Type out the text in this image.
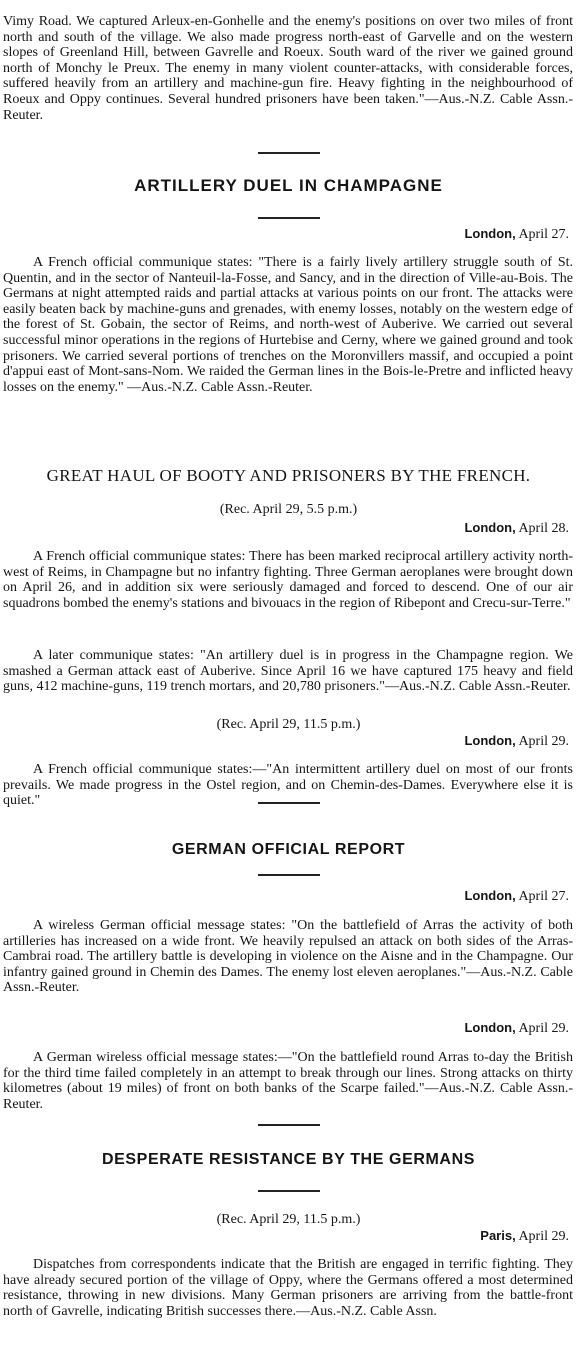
Vimy Road. We captured Arleux-en-Gonhelle and the enemy's positions on over two miles of front north and south of the village. We also made progress north-east of Garvelle and on the western slopes of Greenland Hill, between Gavrelle and Roeux. South ward of the river we gained ground north of Monchy le Preux. The enemy in many violent counter-attacks, with considerable forces, suffered heavily from an artillery and machine-gun fire. Heavy fighting in the neighbourhood of Roeux and Oppy continues. Several hundred prisoners have been taken."—Aus.-N.Z. Cable Assn.-Reuter.

ARTILLERY DUEL IN CHAMPAGNE
London, April 27.

A French official communique states: "There is a fairly lively artillery struggle south of St. Quentin, and in the sector of Nanteuil-la-Fosse, and Sancy, and in the direction of Ville-au-Bois. The Germans at night attempted raids and partial attacks at various points on our front. The attacks were easily beaten back by machine-guns and grenades, with enemy losses, notably on the western edge of the forest of St. Gobain, the sector of Reims, and north-west of Auberive. We carried out several successful minor operations in the regions of Hurtebise and Cerny, where we gained ground and took prisoners. We carried several portions of trenches on the Moronvillers massif, and occupied a point d'appui east of Mont-sans-Nom. We raided the German lines in the Bois-le-Pretre and inflicted heavy losses on the enemy." —Aus.-N.Z. Cable Assn.-Reuter.

GREAT HAUL OF BOOTY AND PRISONERS BY THE FRENCH.
(Rec. April 29, 5.5 p.m.)
London, April 28.

A French official communique states: There has been marked reciprocal artillery activity north-west of Reims, in Champagne but no infantry fighting. Three German aeroplanes were brought down on April 26, and in addition six were seriously damaged and forced to descend. One of our air squadrons bombed the enemy's stations and bivouacs in the region of Ribepont and Crecu-sur-Terre."

A later communique states: "An artillery duel is in progress in the Champagne region. We smashed a German attack east of Auberive. Since April 16 we have captured 175 heavy and field guns, 412 machine-guns, 119 trench mortars, and 20,780 prisoners."—Aus.-N.Z. Cable Assn.-Reuter.

(Rec. April 29, 11.5 p.m.)
London, April 29.

A French official communique states:—"An intermittent artillery duel on most of our fronts prevails. We made progress in the Ostel region, and on Chemin-des-Dames. Everywhere else it is quiet."

GERMAN OFFICIAL REPORT
London, April 27.

A wireless German official message states: "On the battlefield of Arras the activity of both artilleries has increased on a wide front. We heavily repulsed an attack on both sides of the Arras-Cambrai road. The artillery battle is developing in violence on the Aisne and in the Champagne. Our infantry gained ground in Chemin des Dames. The enemy lost eleven aeroplanes."—Aus.-N.Z. Cable Assn.-Reuter.

London, April 29.

A German wireless official message states:—"On the battlefield round Arras to-day the British for the third time failed completely in an attempt to break through our lines. Strong attacks on thirty kilometres (about 19 miles) of front on both banks of the Scarpe failed."—Aus.-N.Z. Cable Assn.-Reuter.

DESPERATE RESISTANCE BY THE GERMANS
(Rec. April 29, 11.5 p.m.)
Paris, April 29.

Dispatches from correspondents indicate that the British are engaged in terrific fighting. They have already secured portion of the village of Oppy, where the Germans offered a most determined resistance, throwing in new divisions. Many German prisoners are arriving from the battle-front north of Gavrelle, indicating British successes there.—Aus.-N.Z. Cable Assn.
